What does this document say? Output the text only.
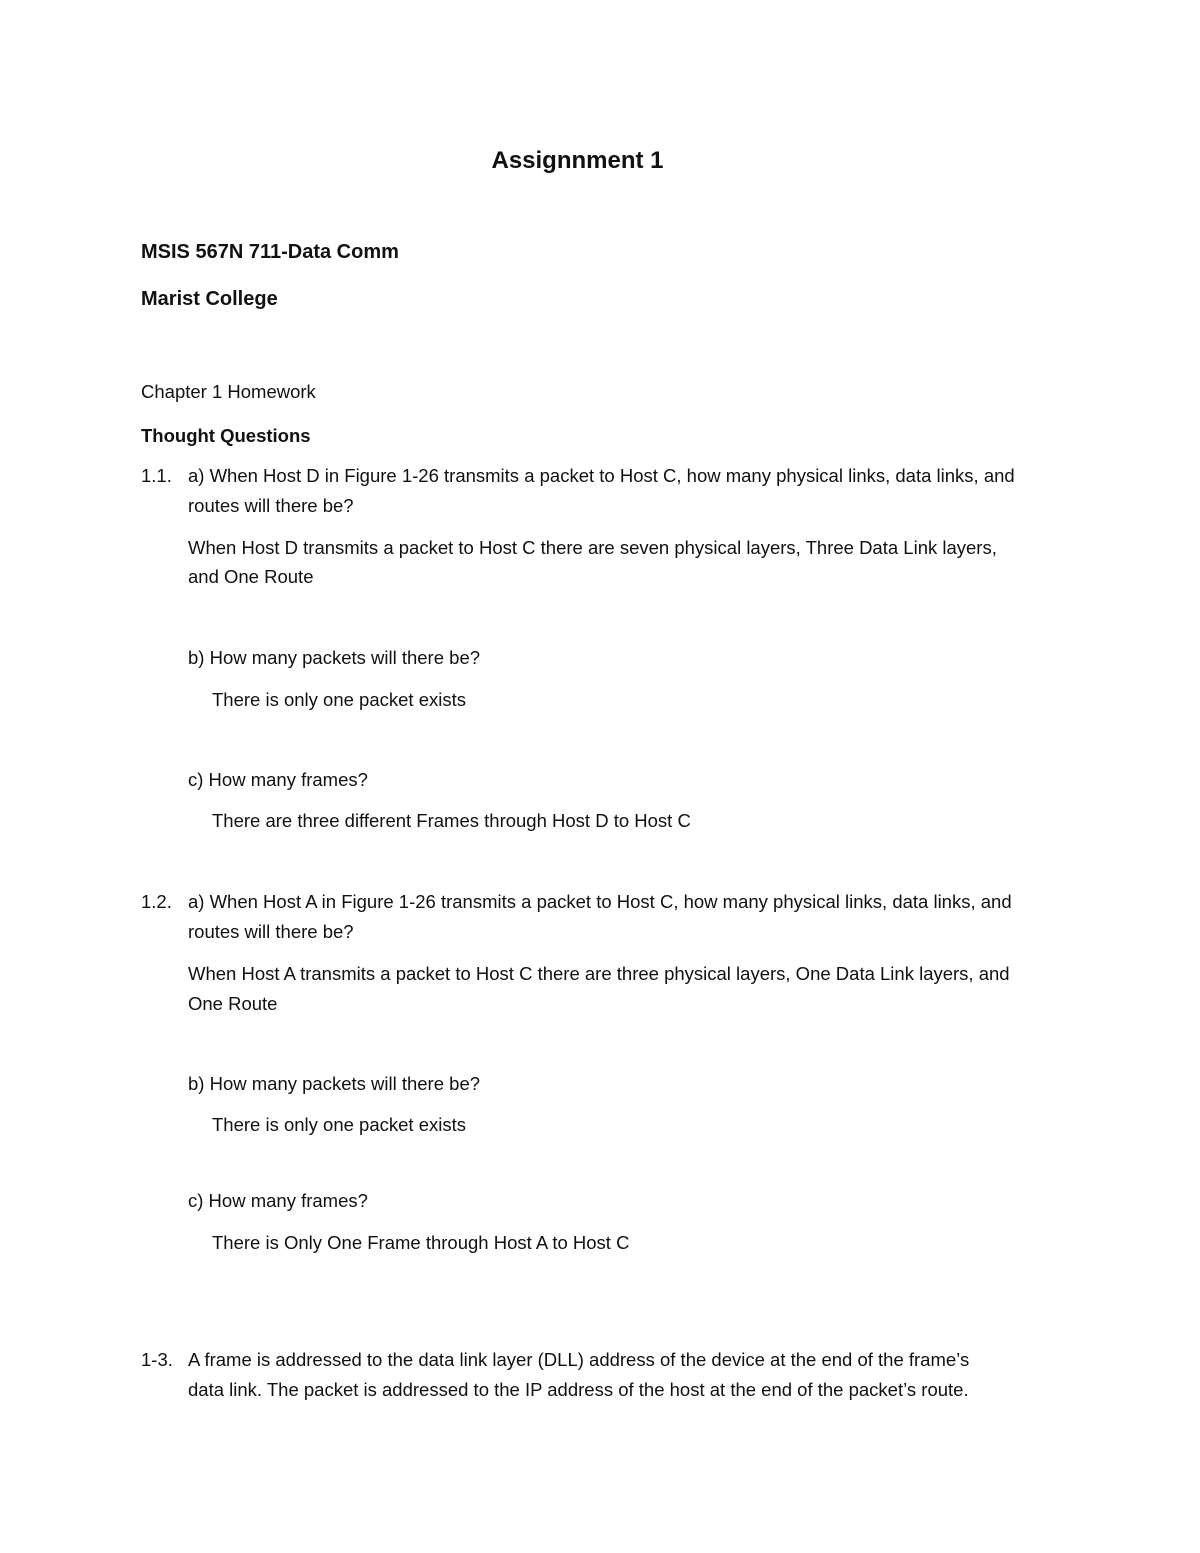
Assignnment 1
MSIS 567N 711-Data Comm
Marist College
Chapter 1 Homework
Thought Questions
1.1. a) When Host D in Figure 1-26 transmits a packet to Host C, how many physical links, data links, and
routes will there be?
When Host D transmits a packet to Host C there are seven physical layers, Three Data Link layers,
and One Route
b) How many packets will there be?
There is only one packet exists
c) How many frames?
There are three different Frames through Host D to Host C
1.2. a) When Host A in Figure 1-26 transmits a packet to Host C, how many physical links, data links, and
routes will there be?
When Host A transmits a packet to Host C there are three physical layers, One Data Link layers, and
One Route
b) How many packets will there be?
There is only one packet exists
c) How many frames?
There is Only One Frame through Host A to Host C
1-3. A frame is addressed to the data link layer (DLL) address of the device at the end of the frame’s
data link. The packet is addressed to the IP address of the host at the end of the packet’s route.
